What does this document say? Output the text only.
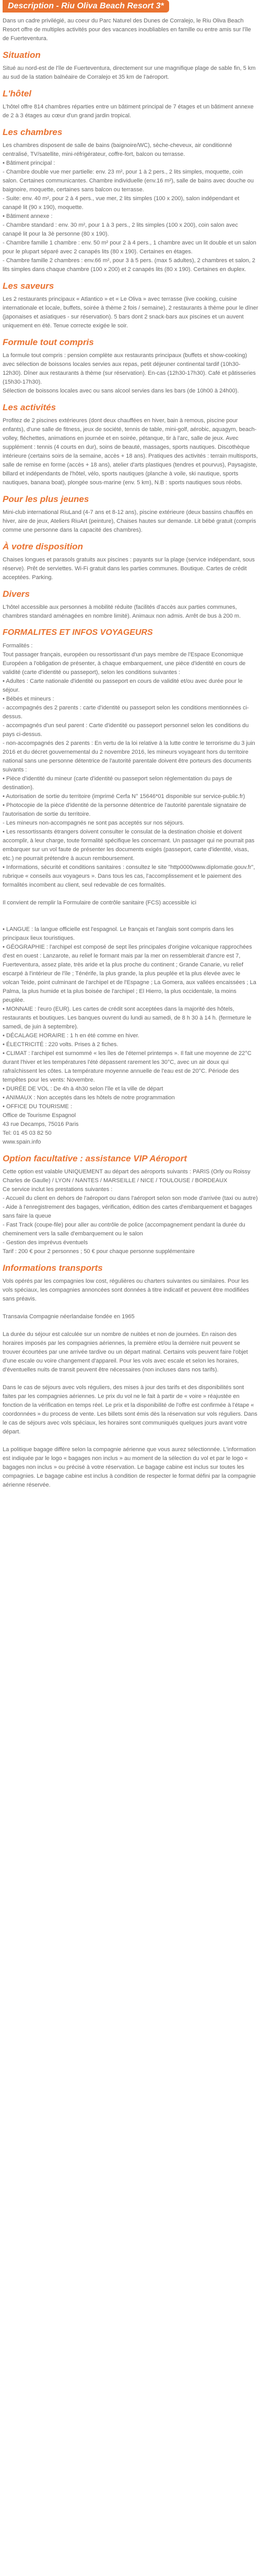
Description - Riu Oliva Beach Resort 3*

Dans un cadre privilégié, au coeur du Parc Naturel des Dunes de Corralejo, le Riu Oliva Beach Resort offre de multiples activités pour des vacances inoubliables en famille ou entre amis sur l'île de Fuerteventura.

Situation

Situé au nord-est de l'île de Fuerteventura, directement sur une magnifique plage de sable fin, 5 km au sud de la station balnéaire de Corralejo et 35 km de l'aéroport.

L'hôtel

L'hôtel offre 814 chambres réparties entre un bâtiment principal de 7 étages et un bâtiment annexe de 2 à 3 étages au cœur d'un grand jardin tropical.

Les chambres

Les chambres disposent de salle de bains (baignoire/WC), sèche-cheveux, air conditionné centralisé, TV/satellite, mini-réfrigérateur, coffre-fort, balcon ou terrasse.
• Bâtiment principal :
- Chambre double vue mer partielle: env. 23 m², pour 1 à 2 pers., 2 lits simples, moquette, coin salon. Certaines communicantes. Chambre individuelle (env.16 m²), salle de bains avec douche ou baignoire, moquette, certaines sans balcon ou terrasse.
- Suite: env. 40 m², pour 2 à 4 pers., vue mer, 2 lits simples (100 x 200), salon indépendant et canapé lit (90 x 190), moquette.
• Bâtiment annexe :
- Chambre standard : env. 30 m², pour 1 à 3 pers., 2 lits simples (100 x 200), coin salon avec canapé lit pour la 3è personne (80 x 190).
- Chambre famille 1 chambre : env. 50 m² pour 2 à 4 pers., 1 chambre avec un lit double et un salon pour le plupart séparé avec 2 canapés lits (80 x 190). Certaines en étages.
- Chambre famille 2 chambres : env.66 m², pour 3 à 5 pers. (max 5 adultes), 2 chambres et salon, 2 lits simples dans chaque chambre (100 x 200) et 2 canapés lits (80 x 190). Certaines en duplex.

Les saveurs

Les 2 restaurants principaux « Atlantico » et « Le Oliva » avec terrasse (live cooking, cuisine internationale et locale, buffets, soirée à thème 2 fois / semaine), 2 restaurants à thème pour le dîner (japonaises et asiatiques - sur réservation). 5 bars dont 2 snack-bars aux piscines et un auvent uniquement en été. Tenue correcte exigée le soir.

Formule tout compris

La formule tout compris : pension complète aux restaurants principaux (buffets et show-cooking) avec sélection de boissons locales servies aux repas, petit déjeuner continental tardif (10h30-12h30). Dîner aux restaurants à thème (sur réservation). En-cas (12h30-17h30). Café et pâtisseries (15h30-17h30).
Sélection de boissons locales avec ou sans alcool servies dans les bars (de 10h00 à 24h00).

Les activités

Profitez de 2 piscines extérieures (dont deux chauffées en hiver, bain à remous, piscine pour enfants), d'une salle de fitness, jeux de société, tennis de table, mini-golf, aérobic, aquagym, beach-volley, fléchettes, animations en journée et en soirée, pétanque, tir à l'arc, salle de jeux. Avec supplément : tennis (4 courts en dur), soins de beauté, massages, sports nautiques. Discothèque intérieure (certains soirs de la semaine, accès + 18 ans). Pratiques des activités : terrain multisports, salle de remise en forme (accès + 18 ans), atelier d'arts plastiques (tendres et pourvus), Paysagiste, billard et indépendants de l'hôtel, vélo, sports nautiques (planche à voile, ski nautique, sports nautiques, banana boat), plongée sous-marine (env. 5 km), N.B : sports nautiques sous réobs.

Pour les plus jeunes

Mini-club international RiuLand (4-7 ans et 8-12 ans), piscine extérieure (deux bassins chauffés en hiver, aire de jeux, Ateliers RiuArt (peinture), Chaises hautes sur demande. Lit bébé gratuit (compris comme une personne dans la capacité des chambres).

À votre disposition

Chaises longues et parasols gratuits aux piscines : payants sur la plage (service indépendant, sous réserve). Prêt de serviettes. Wi-Fi gratuit dans les parties communes. Boutique. Cartes de crédit acceptées. Parking.

Divers

L'hôtel accessible aux personnes à mobilité réduite (facilités d'accès aux parties communes, chambres standard aménagées en nombre limité). Animaux non admis. Arrêt de bus à 200 m.

FORMALITES ET INFOS VOYAGEURS

Formalités :
Tout passager français, européen ou ressortissant d'un pays membre de l'Espace Economique Européen a l'obligation de présenter, à chaque embarquement, une pièce d'identité en cours de validité (carte d'identité ou passeport), selon les conditions suivantes :
• Adultes : Carte nationale d'identité ou passeport en cours de validité et/ou avec durée pour le séjour.
• Bébés et mineurs :
- accompagnés des 2 parents : carte d'identité ou passeport selon les conditions mentionnées ci-dessus.
- accompagnés d'un seul parent : Carte d'identité ou passeport personnel selon les conditions du pays ci-dessus.
- non-accompagnés des 2 parents : En vertu de la loi relative à la lutte contre le terrorisme du 3 juin 2016 et du décret gouvernemental du 2 novembre 2016, les mineurs voyageant hors du territoire national sans une personne détentrice de l'autorité parentale doivent être porteurs des documents suivants :
• Pièce d'identité du mineur (carte d'identité ou passeport selon réglementation du pays de destination).
• Autorisation de sortie du territoire (imprimé Cerfa N° 15646*01 disponible sur service-public.fr)
• Photocopie de la pièce d'identité de la personne détentrice de l'autorité parentale signataire de l'autorisation de sortie du territoire.
- Les mineurs non-accompagnés ne sont pas acceptés sur nos séjours.
• Les ressortissants étrangers doivent consulter le consulat de la destination choisie et doivent accomplir, à leur charge, toute formalité spécifique les concernant. Un passager qui ne pourrait pas embarquer sur un vol faute de présenter les documents exigés (passeport, carte d'identité, visas, etc.) ne pourrait prétendre à aucun remboursement.
• Informations, sécurité et conditions sanitaires : consultez le site "http0000www.diplomatie.gouv.fr", rubrique « conseils aux voyageurs ». Dans tous les cas, l'accomplissement et le paiement des formalités incombent au client, seul redevable de ces formalités.

Il convient de remplir la Formulaire de contrôle sanitaire (FCS) accessible ici

• LANGUE : la langue officielle est l'espagnol. Le français et l'anglais sont compris dans les principaux lieux touristiques.
• GÉOGRAPHIE : l'archipel est composé de sept îles principales d'origine volcanique rapprochées d'est en ouest : Lanzarote, au relief le formant mais par la mer on ressemblerait d'ancre est 7, Fuerteventura, assez plate, très aride et la plus proche du continent ; Grande Canarie, vu relief escarpé à l'intérieur de l'île ; Ténérife, la plus grande, la plus peuplée et la plus élevée avec le volcan Teide, point culminant de l'archipel et de l'Espagne ; La Gomera, aux vallées encaissées ; La Palma, la plus humide et la plus boisée de l'archipel ; El Hierro, la plus occidentale, la moins peuplée.
• MONNAIE : l'euro (EUR). Les cartes de crédit sont acceptées dans la majorité des hôtels, restaurants et boutiques. Les banques ouvrent du lundi au samedi, de 8 h 30 à 14 h. (fermeture le samedi, de juin à septembre).
• DÉCALAGE HORAIRE : 1 h en été comme en hiver.
• ÉLECTRICITÉ : 220 volts. Prises à 2 fiches.
• CLIMAT : l'archipel est surnommé « les îles de l'éternel printemps ». Il fait une moyenne de 22°C durant l'hiver et les températures l'été dépassent rarement les 30°C, avec un air doux qui rafraîchissent les côtes. La température moyenne annuelle de l'eau est de 20°C. Période des tempêtes pour les vents: Novembre.
• DURÉE DE VOL : De 4h à 4h30 selon l'île et la ville de départ
• ANIMAUX : Non acceptés dans les hôtels de notre programmation
• OFFICE DU TOURISME :
Office de Tourisme Espagnol
43 rue Decamps, 75016 Paris
Tel: 01 45 03 82 50
www.spain.info

Option facultative : assistance VIP Aéroport

Cette option est valable UNIQUEMENT au départ des aéroports suivants : PARIS (Orly ou Roissy Charles de Gaulle) / LYON / NANTES / MARSEILLE / NICE / TOULOUSE / BORDEAUX
Ce service inclut les prestations suivantes :
- Accueil du client en dehors de l'aéroport ou dans l'aéroport selon son mode d'arrivée (taxi ou autre)
- Aide à l'enregistrement des bagages, vérification, édition des cartes d'embarquement et bagages sans faire la queue
- Fast Track (coupe-file) pour aller au contrôle de police (accompagnement pendant la durée du cheminement vers la salle d'embarquement ou le salon
- Gestion des imprévus éventuels
Tarif : 200 € pour 2 personnes ; 50 € pour chaque personne supplémentaire

Informations transports

Vols opérés par les compagnies low cost, régulières ou charters suivantes ou similaires. Pour les vols spéciaux, les compagnies annoncées sont données à titre indicatif et peuvent être modifiées sans préavis.

Transavia Compagnie néerlandaise fondée en 1965

La durée du séjour est calculée sur un nombre de nuitées et non de journées. En raison des horaires imposés par les compagnies aériennes, la première et/ou la dernière nuit peuvent se trouver écourtées par une arrivée tardive ou un départ matinal. Certains vols peuvent faire l'objet d'une escale ou voire changement d'appareil. Pour les vols avec escale et selon les horaires, d'éventuelles nuits de transit peuvent être nécessaires (non incluses dans nos tarifs).

Dans le cas de séjours avec vols réguliers, des mises à jour des tarifs et des disponibilités sont faites par les compagnies aériennes. Le prix du vol ne le fait à partir de « voire » réajustée en fonction de la vérification en temps réel. Le prix et la disponibilité de l'offre est confirmée à l'étape « coordonnées » du process de vente. Les billets sont émis dès la réservation sur vols réguliers. Dans le cas de séjours avec vols spéciaux, les horaires sont communiqués quelques jours avant votre départ.

La politique bagage diffère selon la compagnie aérienne que vous aurez sélectionnée. L'information est indiquée par le logo « bagages non inclus » au moment de la sélection du vol et par le logo « bagages non inclus » ou précisé à votre réservation. Le bagage cabine est inclus sur toutes les compagnies. Le bagage cabine est inclus à condition de respecter le format défini par la compagnie aérienne réservée.
